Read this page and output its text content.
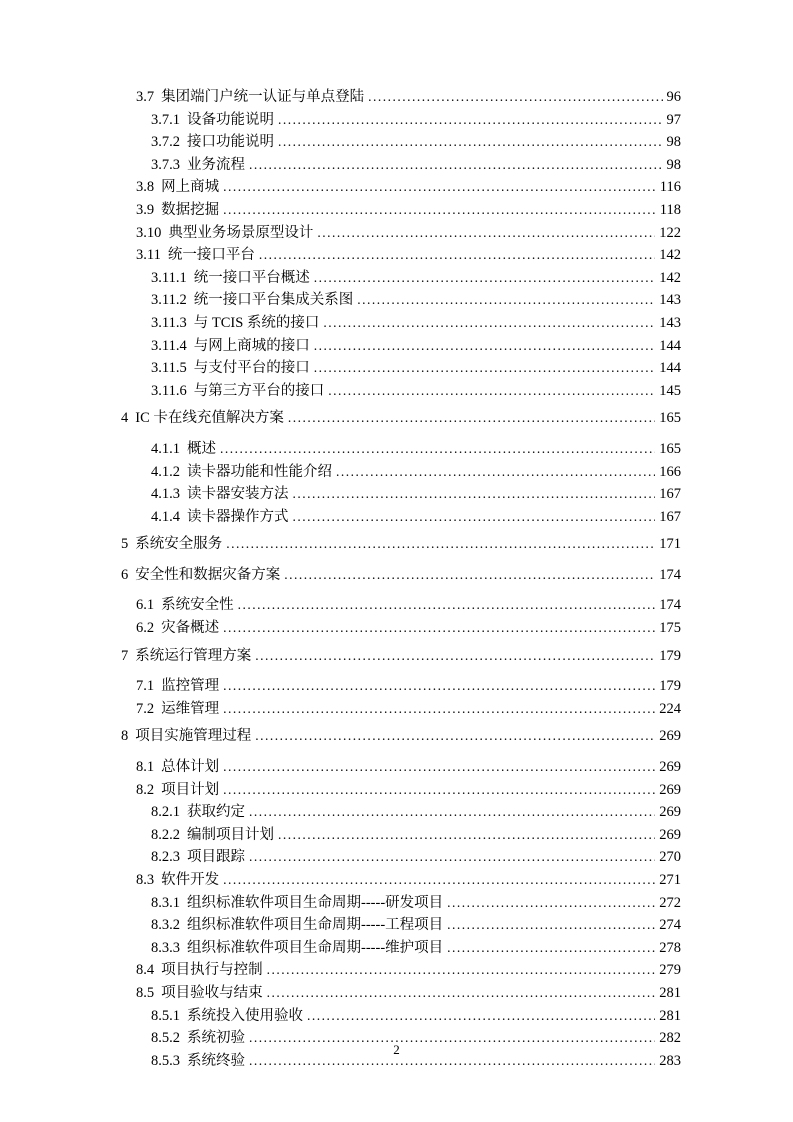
3.7 集团端门户统一认证与单点登陆 .....	96
3.7.1 设备功能说明 .....	97
3.7.2 接口功能说明 .....	98
3.7.3 业务流程 .....	98
3.8 网上商城 .....	116
3.9 数据挖掘 .....	118
3.10 典型业务场景原型设计 .....	122
3.11 统一接口平台 .....	142
3.11.1 统一接口平台概述 .....	142
3.11.2 统一接口平台集成关系图 .....	143
3.11.3 与 TCIS 系统的接口 .....	143
3.11.4 与网上商城的接口 .....	144
3.11.5 与支付平台的接口 .....	144
3.11.6 与第三方平台的接口 .....	145
4 IC 卡在线充值解决方案 .....	165
4.1.1 概述 .....	165
4.1.2 读卡器功能和性能介绍 .....	166
4.1.3 读卡器安装方法 .....	167
4.1.4 读卡器操作方式 .....	167
5 系统安全服务 .....	171
6 安全性和数据灾备方案 .....	174
6.1 系统安全性 .....	174
6.2 灾备概述 .....	175
7 系统运行管理方案 .....	179
7.1 监控管理 .....	179
7.2 运维管理 .....	224
8 项目实施管理过程 .....	269
8.1 总体计划 .....	269
8.2 项目计划 .....	269
8.2.1 获取约定 .....	269
8.2.2 编制项目计划 .....	269
8.2.3 项目跟踪 .....	270
8.3 软件开发 .....	271
8.3.1 组织标准软件项目生命周期-----研发项目 .....	272
8.3.2 组织标准软件项目生命周期-----工程项目 .....	274
8.3.3 组织标准软件项目生命周期-----维护项目 .....	278
8.4 项目执行与控制 .....	279
8.5 项目验收与结束 .....	281
8.5.1 系统投入使用验收 .....	281
8.5.2 系统初验 .....	282
8.5.3 系统终验 .....	283
2
